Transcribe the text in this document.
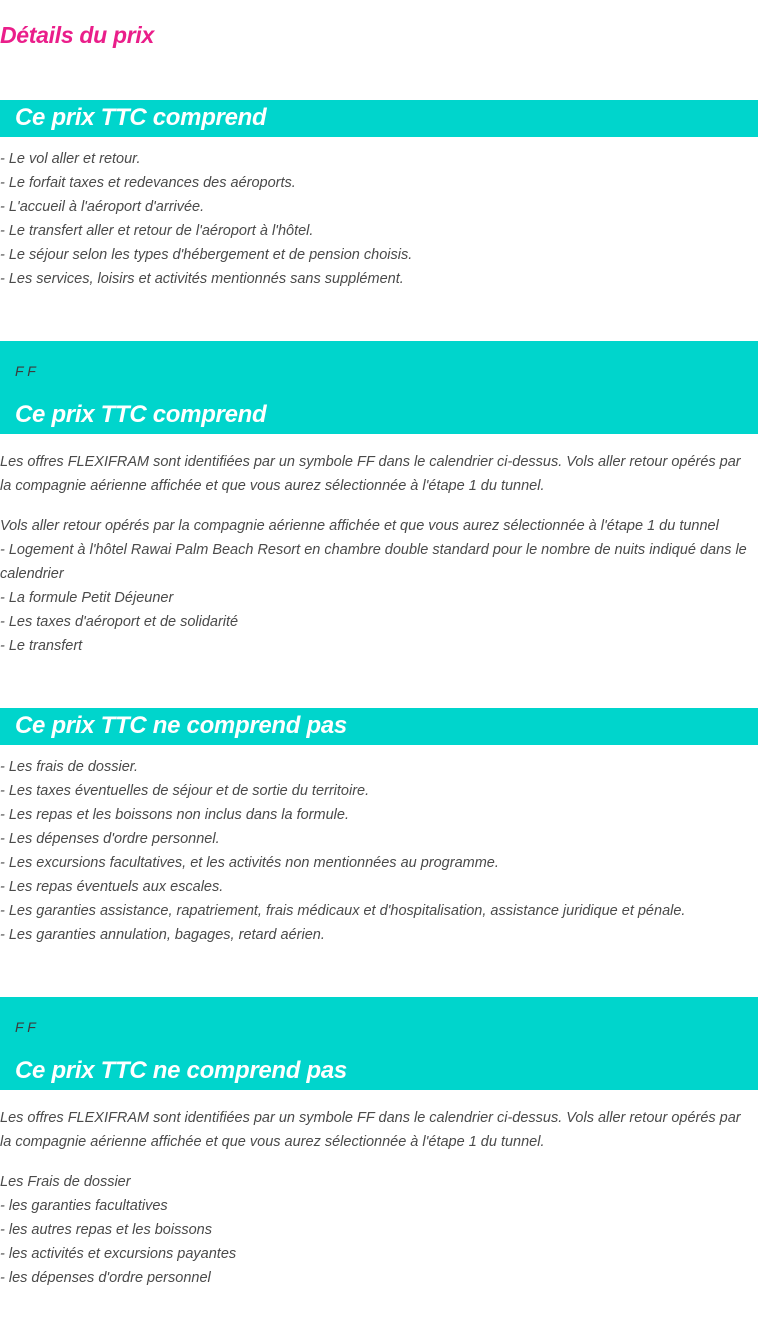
Détails du prix
Ce prix TTC comprend
- Le vol aller et retour.
- Le forfait taxes et redevances des aéroports.
- L'accueil à l'aéroport d'arrivée.
- Le transfert aller et retour de l'aéroport à l'hôtel.
- Le séjour selon les types d'hébergement et de pension choisis.
- Les services, loisirs et activités mentionnés sans supplément.
F F
Ce prix TTC comprend
Les offres FLEXIFRAM sont identifiées par un symbole FF dans le calendrier ci-dessus. Vols aller retour opérés par la compagnie aérienne affichée et que vous aurez sélectionnée à l'étape 1 du tunnel.
Vols aller retour opérés par la compagnie aérienne affichée et que vous aurez sélectionnée à l'étape 1 du tunnel
- Logement à l'hôtel Rawai Palm Beach Resort en chambre double standard pour le nombre de nuits indiqué dans le calendrier
- La formule Petit Déjeuner
- Les taxes d'aéroport et de solidarité
- Le transfert
Ce prix TTC ne comprend pas
- Les frais de dossier.
- Les taxes éventuelles de séjour et de sortie du territoire.
- Les repas et les boissons non inclus dans la formule.
- Les dépenses d'ordre personnel.
- Les excursions facultatives, et les activités non mentionnées au programme.
- Les repas éventuels aux escales.
- Les garanties assistance, rapatriement, frais médicaux et d'hospitalisation, assistance juridique et pénale.
- Les garanties annulation, bagages, retard aérien.
F F
Ce prix TTC ne comprend pas
Les offres FLEXIFRAM sont identifiées par un symbole FF dans le calendrier ci-dessus. Vols aller retour opérés par la compagnie aérienne affichée et que vous aurez sélectionnée à l'étape 1 du tunnel.
Les Frais de dossier
- les garanties facultatives
- les autres repas et les boissons
- les activités et excursions payantes
- les dépenses d'ordre personnel
